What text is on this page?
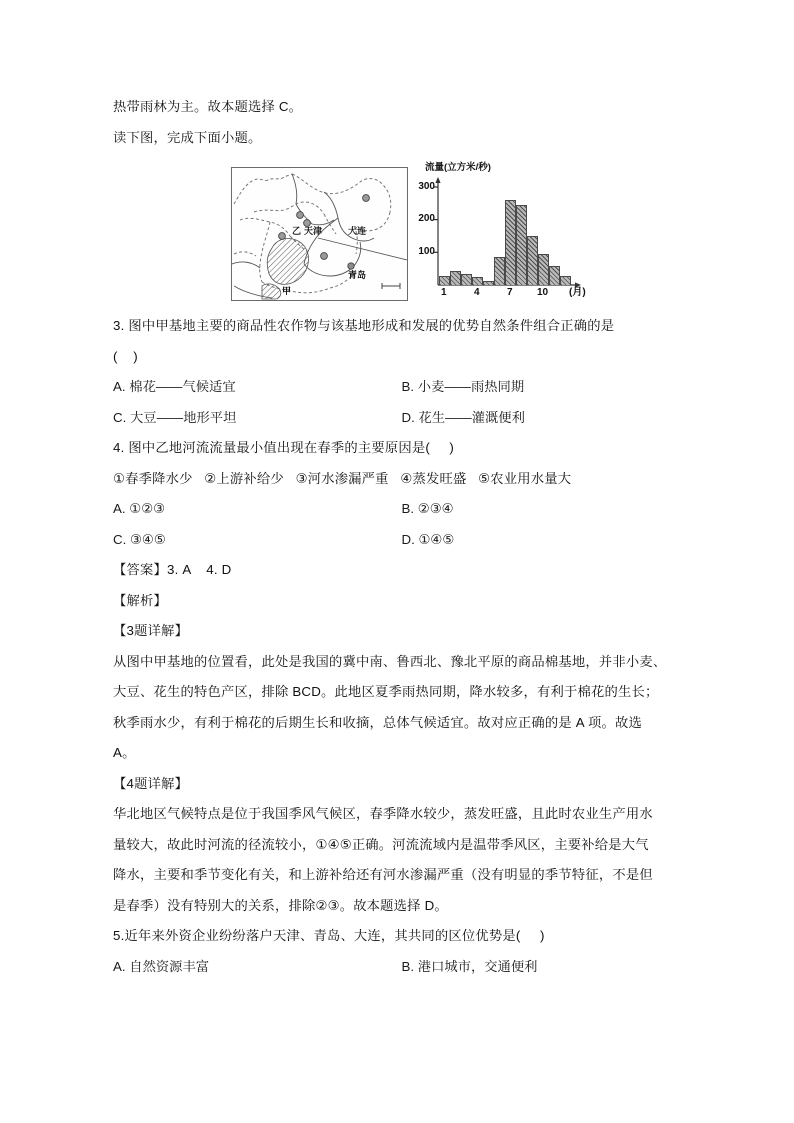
热带雨林为主。故本题选择 C。
读下图，完成下面小题。
乙 天津	大连
青岛
甲
流量(立方米/秒)
300
200
100
1	4	7 10 (月)
3. 图中甲基地主要的商品性农作物与该基地形成和发展的优势自然条件组合正确的是
(    )
A. 棉花——气候适宜	B. 小麦——雨热同期
C. 大豆——地形平坦	D. 花生——灌溉便利
4. 图中乙地河流流量最小值出现在春季的主要原因是(     )
①春季降水少   ②上游补给少   ③河水渗漏严重   ④蒸发旺盛   ⑤农业用水量大
A. ①②③	B. ②③④
C. ③④⑤	D. ①④⑤
【答案】3. A    4. D
【解析】
【3题详解】
从图中甲基地的位置看，此处是我国的冀中南、鲁西北、豫北平原的商品棉基地，并非小麦、
大豆、花生的特色产区，排除 BCD。此地区夏季雨热同期，降水较多，有利于棉花的生长；
秋季雨水少，有利于棉花的后期生长和收摘，总体气候适宜。故对应正确的是 A 项。故选
A。
【4题详解】
华北地区气候特点是位于我国季风气候区，春季降水较少，蒸发旺盛，且此时农业生产用水
量较大，故此时河流的径流较小，①④⑤正确。河流流域内是温带季风区，主要补给是大气
降水，主要和季节变化有关，和上游补给还有河水渗漏严重（没有明显的季节特征，不是但
是春季）没有特别大的关系，排除②③。故本题选择 D。
5.近年来外资企业纷纷落户天津、青岛、大连，其共同的区位优势是(     )
A. 自然资源丰富	B. 港口城市，交通便利
